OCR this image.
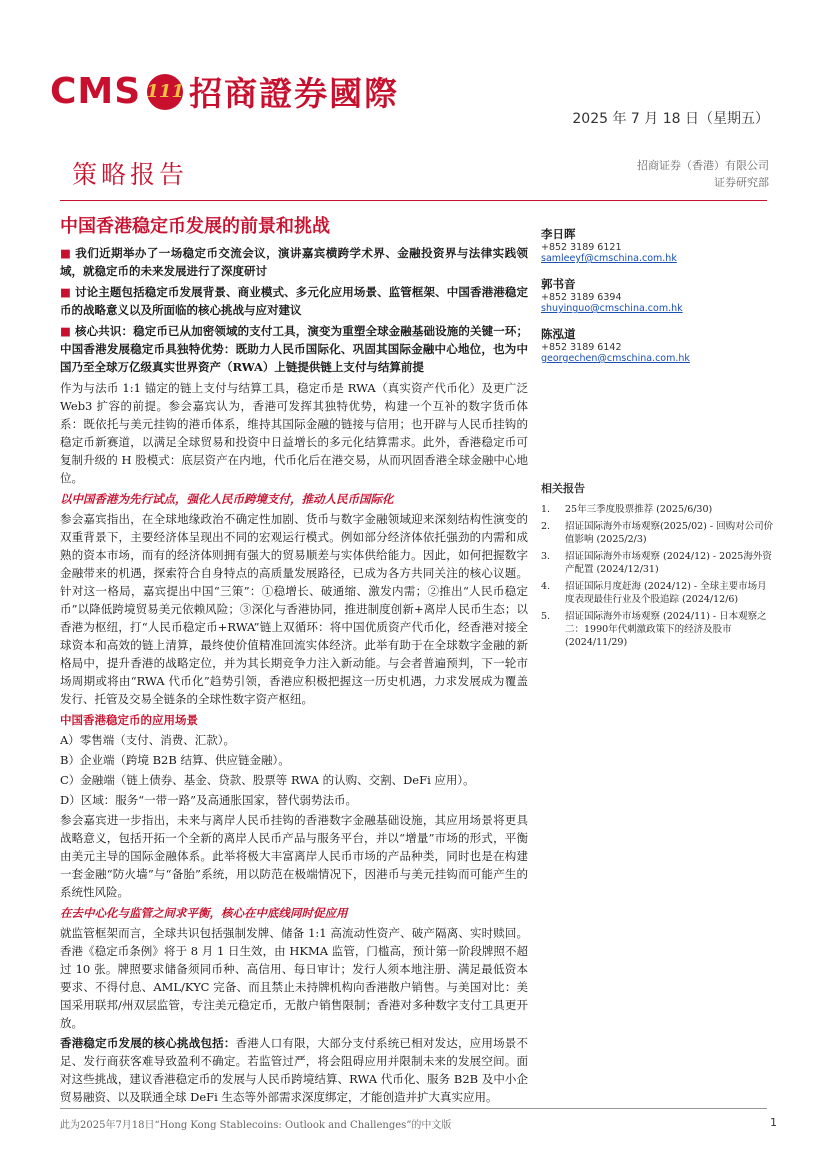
CMS 111 招商證券國際
2025 年 7 月 18 日（星期五）
策略报告	招商证券（香港）有限公司
证券研究部
中国香港稳定币发展的前景和挑战
■ 我们近期举办了一场稳定币交流会议，演讲嘉宾横跨学术界、金融投资界与法律实践领域，就稳定币的未来发展进行了深度研讨
■ 讨论主题包括稳定币发展背景、商业模式、多元化应用场景、监管框架、中国香港港稳定币的战略意义以及所面临的核心挑战与应对建议
■ 核心共识：稳定币已从加密领域的支付工具，演变为重塑全球金融基础设施的关键一环；中国香港发展稳定币具独特优势：既助力人民币国际化、巩固其国际金融中心地位，也为中国乃至全球万亿级真实世界资产（RWA）上链提供链上支付与结算前提

作为与法币 1:1 锚定的链上支付与结算工具，稳定币是 RWA（真实资产代币化）及更广泛 Web3 扩容的前提。参会嘉宾认为，香港可发挥其独特优势，构建一个互补的数字货币体系：既依托与美元挂钩的港币体系，维持其国际金融的链接与信用；也开辟与人民币挂钩的稳定币新赛道，以满足全球贸易和投资中日益增长的多元化结算需求。此外，香港稳定币可复制升级的 H 股模式：底层资产在内地，代币化后在港交易，从而巩固香港全球金融中心地位。

以中国香港为先行试点，强化人民币跨境支付，推动人民币国际化

参会嘉宾指出，在全球地缘政治不确定性加剧、货币与数字金融领域迎来深刻结构性演变的双重背景下，主要经济体呈现出不同的宏观运行模式。例如部分经济体依托强劲的内需和成熟的资本市场，而有的经济体则拥有强大的贸易顺差与实体供给能力。因此，如何把握数字金融带来的机遇，探索符合自身特点的高质量发展路径，已成为各方共同关注的核心议题。针对这一格局，嘉宾提出中国“三策”：①稳增长、破通缩、激发内需；②推出“人民币稳定币”以降低跨境贸易美元依赖风险；③深化与香港协同，推进制度创新+离岸人民币生态；以香港为枢纽，打“人民币稳定币+RWA”链上双循环：将中国优质资产代币化，经香港对接全球资本和高效的链上清算，最终使价值精准回流实体经济。此举有助于在全球数字金融的新格局中，提升香港的战略定位，并为其长期竞争力注入新动能。与会者普遍预判，下一轮市场周期或将由“RWA 代币化”趋势引领，香港应积极把握这一历史机遇，力求发展成为覆盖发行、托管及交易全链条的全球性数字资产枢纽。

中国香港稳定币的应用场景

A）零售端（支付、消费、汇款）。

B）企业端（跨境 B2B 结算、供应链金融）。

C）金融端（链上债券、基金、贷款、股票等 RWA 的认购、交割、DeFi 应用）。

D）区域：服务“一带一路”及高通胀国家，替代弱势法币。

参会嘉宾进一步指出，未来与离岸人民币挂钩的香港数字金融基础设施，其应用场景将更具战略意义，包括开拓一个全新的离岸人民币产品与服务平台，并以“增量”市场的形式，平衡由美元主导的国际金融体系。此举将极大丰富离岸人民币市场的产品种类，同时也是在构建一套金融“防火墙”与“备胎”系统，用以防范在极端情况下，因港币与美元挂钩而可能产生的系统性风险。

在去中心化与监管之间求平衡，核心在中底线同时促应用

就监管框架而言，全球共识包括强制发牌、储备 1:1 高流动性资产、破产隔离、实时赎回。香港《稳定币条例》将于 8 月 1 日生效，由 HKMA 监管，门槛高，预计第一阶段牌照不超过 10 张。牌照要求储备须同币种、高信用、每日审计；发行人须本地注册、满足最低资本要求、不得付息、AML/KYC 完备、而且禁止未持牌机构向香港散户销售。与美国对比：美国采用联邦/州双层监管，专注美元稳定币，无散户销售限制；香港对多种数字支付工具更开放。

香港稳定币发展的核心挑战包括：香港人口有限，大部分支付系统已相对发达，应用场景不足、发行商获客难导致盈利不确定。若监管过严，将会阻碍应用并限制未来的发展空间。面对这些挑战，建议香港稳定币的发展与人民币跨境结算、RWA 代币化、服务 B2B 及中小企贸易融资、以及联通全球 DeFi 生态等外部需求深度绑定，才能创造并扩大真实应用。

李日晖
+852 3189 6121
samleeyf@cmschina.com.hk
郭书音
+852 3189 6394
shuyinguo@cmschina.com.hk
陈泓道
+852 3189 6142
georgechen@cmschina.com.hk
相关报告
1.	25年三季度股票推荐 (2025/6/30)
2.	招证国际海外市场观察(2025/02) - 回购对公司价值影响 (2025/2/3)
3.	招证国际海外市场观察 (2024/12) - 2025海外资产配置 (2024/12/31)
4.	招证国际月度赶海 (2024/12) - 全球主要市场月度表现最佳行业及个股追踪 (2024/12/6)
5.	招证国际海外市场观察 (2024/11) - 日本观察之二：1990年代刺激政策下的经济及股市 (2024/11/29)
此为2025年7月18日“Hong Kong Stablecoins: Outlook and Challenges”的中文版	1
